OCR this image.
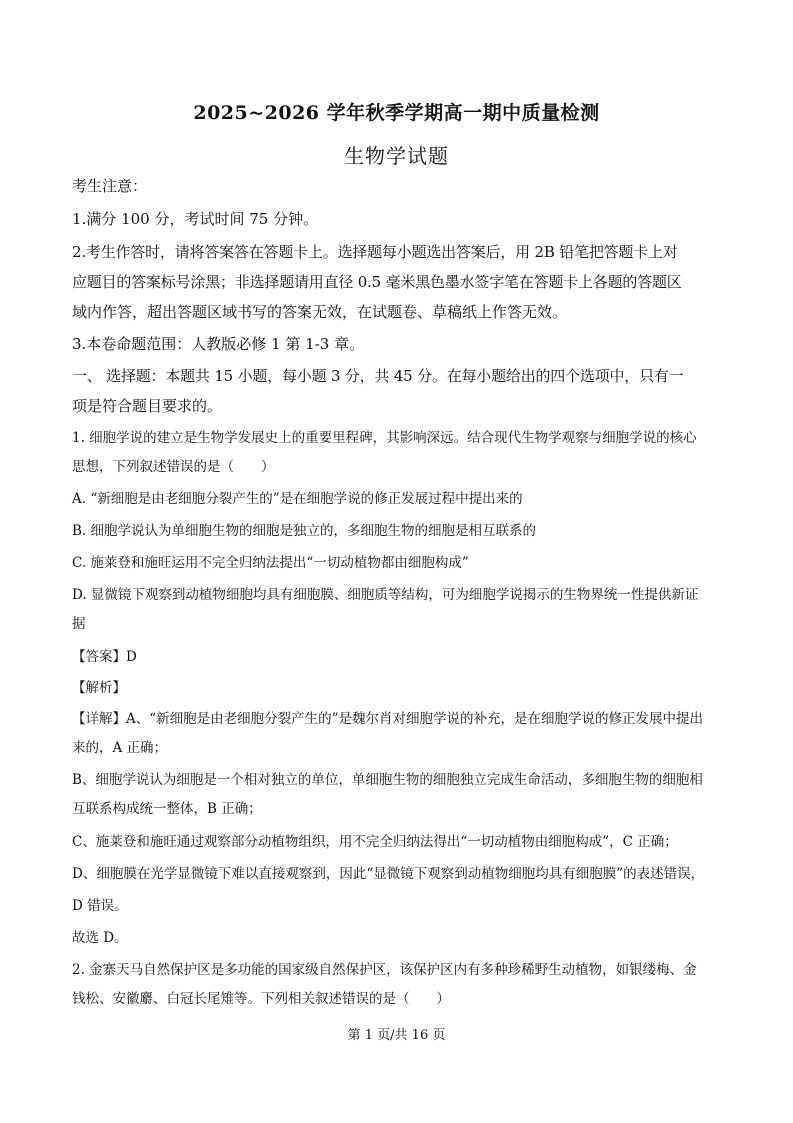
2025~2026 学年秋季学期高一期中质量检测
生物学试题
考生注意：
1.满分 100 分，考试时间 75 分钟。
2.考生作答时，请将答案答在答题卡上。选择题每小题选出答案后，用 2B 铅笔把答题卡上对
应题目的答案标号涂黑；非选择题请用直径 0.5 毫米黑色墨水签字笔在答题卡上各题的答题区
域内作答，超出答题区域书写的答案无效，在试题卷、草稿纸上作答无效。
3.本卷命题范围：人教版必修 1 第 1-3 章。
一、 选择题：本题共 15 小题，每小题 3 分，共 45 分。在每小题给出的四个选项中，只有一
项是符合题目要求的。
1. 细胞学说的建立是生物学发展史上的重要里程碑，其影响深远。结合现代生物学观察与细胞学说的核心
思想，下列叙述错误的是（　　）
A. “新细胞是由老细胞分裂产生的”是在细胞学说的修正发展过程中提出来的
B. 细胞学说认为单细胞生物的细胞是独立的，多细胞生物的细胞是相互联系的
C. 施莱登和施旺运用不完全归纳法提出“一切动植物都由细胞构成”
D. 显微镜下观察到动植物细胞均具有细胞膜、细胞质等结构，可为细胞学说揭示的生物界统一性提供新证
据
【答案】D
【解析】
【详解】A、“新细胞是由老细胞分裂产生的”是魏尔肖对细胞学说的补充，是在细胞学说的修正发展中提出
来的，A 正确；
B、细胞学说认为细胞是一个相对独立的单位，单细胞生物的细胞独立完成生命活动，多细胞生物的细胞相
互联系构成统一整体，B 正确；
C、施莱登和施旺通过观察部分动植物组织，用不完全归纳法得出“一切动植物由细胞构成”，C 正确；
D、细胞膜在光学显微镜下难以直接观察到，因此“显微镜下观察到动植物细胞均具有细胞膜”的表述错误，
D 错误。
故选 D。
2. 金寨天马自然保护区是多功能的国家级自然保护区，该保护区内有多种珍稀野生动植物，如银缕梅、金
钱松、安徽麝、白冠长尾雉等。下列相关叙述错误的是（　　）
第 1 页/共 16 页
